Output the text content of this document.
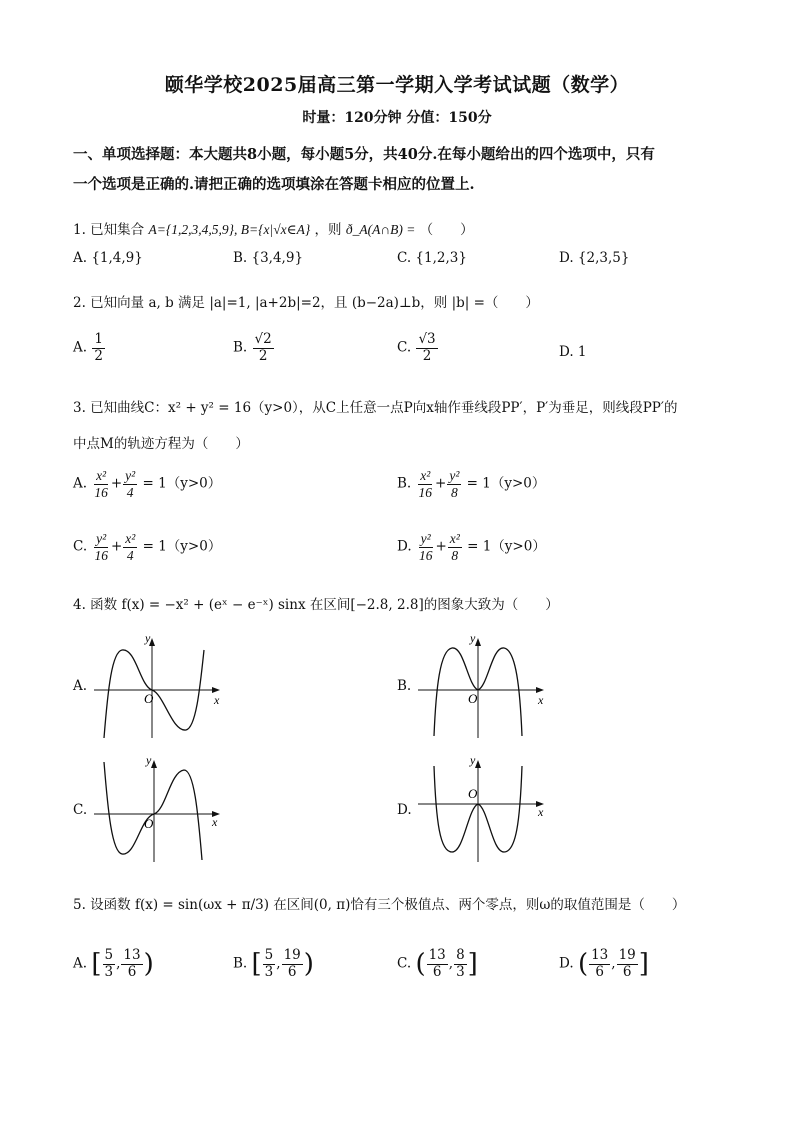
颐华学校2025届高三第一学期入学考试试题（数学）
时量：120分钟 分值：150分
一、单项选择题：本大题共8小题，每小题5分，共40分.在每小题给出的四个选项中，只有
一个选项是正确的.请把正确的选项填涂在答题卡相应的位置上.
1. 已知集合 A={1,2,3,4,5,9}, B={x|√x∈A} ，则 ð_A(A∩B) = （　　）
A. {1,4,9}	B. {3,4,9}	C. {1,2,3}	D. {2,3,5}
2. 已知向量 a, b 满足 |a|=1, |a+2b|=2，且 (b−2a)⊥b，则 |b| =（　　）
A. $\frac{1}{2}$	B. $\frac{√2}{2}$	C. $\frac{√3}{2}$	D. 1
3. 已知曲线C：x² + y² = 16（y>0），从C上任意一点P向x轴作垂线段PP′，P′为垂足，则线段PP′的
中点M的轨迹方程为（　　）
A. $\frac{\text{x²}}{16} + \frac{\text{y²}}{4} = 1(y>0)$	B. $\frac{\text{x²}}{16} + \frac{\text{y²}}{8} = 1(y>0)$
C. $\frac{\text{y²}}{16} + \frac{\text{x²}}{4} = 1(y>0)$	D. $\frac{\text{y²}}{16} + \frac{\text{x²}}{8} = 1(y>0)$
4. 函数 f(x) = −x² + (eˣ − e⁻ˣ) sinx 在区间[−2.8, 2.8]的图象大致为（　　）
A.	B.
C.	D.
O	x
y
O	x
y
O	x
y
O
x
y
5. 设函数 f(x) = sin(ωx + π/3) 在区间(0, π)恰有三个极值点、两个零点，则ω的取值范围是（　　）
A. [ $\frac{5}{3}$ , $\frac{13}{6}$ )	B. [ $\frac{5}{3}$ , $\frac{19}{6}$ )	C. ( $\frac{13}{6}$ , $\frac{8}{3}$ ]	D. ( $\frac{13}{6}$ , $\frac{19}{6}$ ]
